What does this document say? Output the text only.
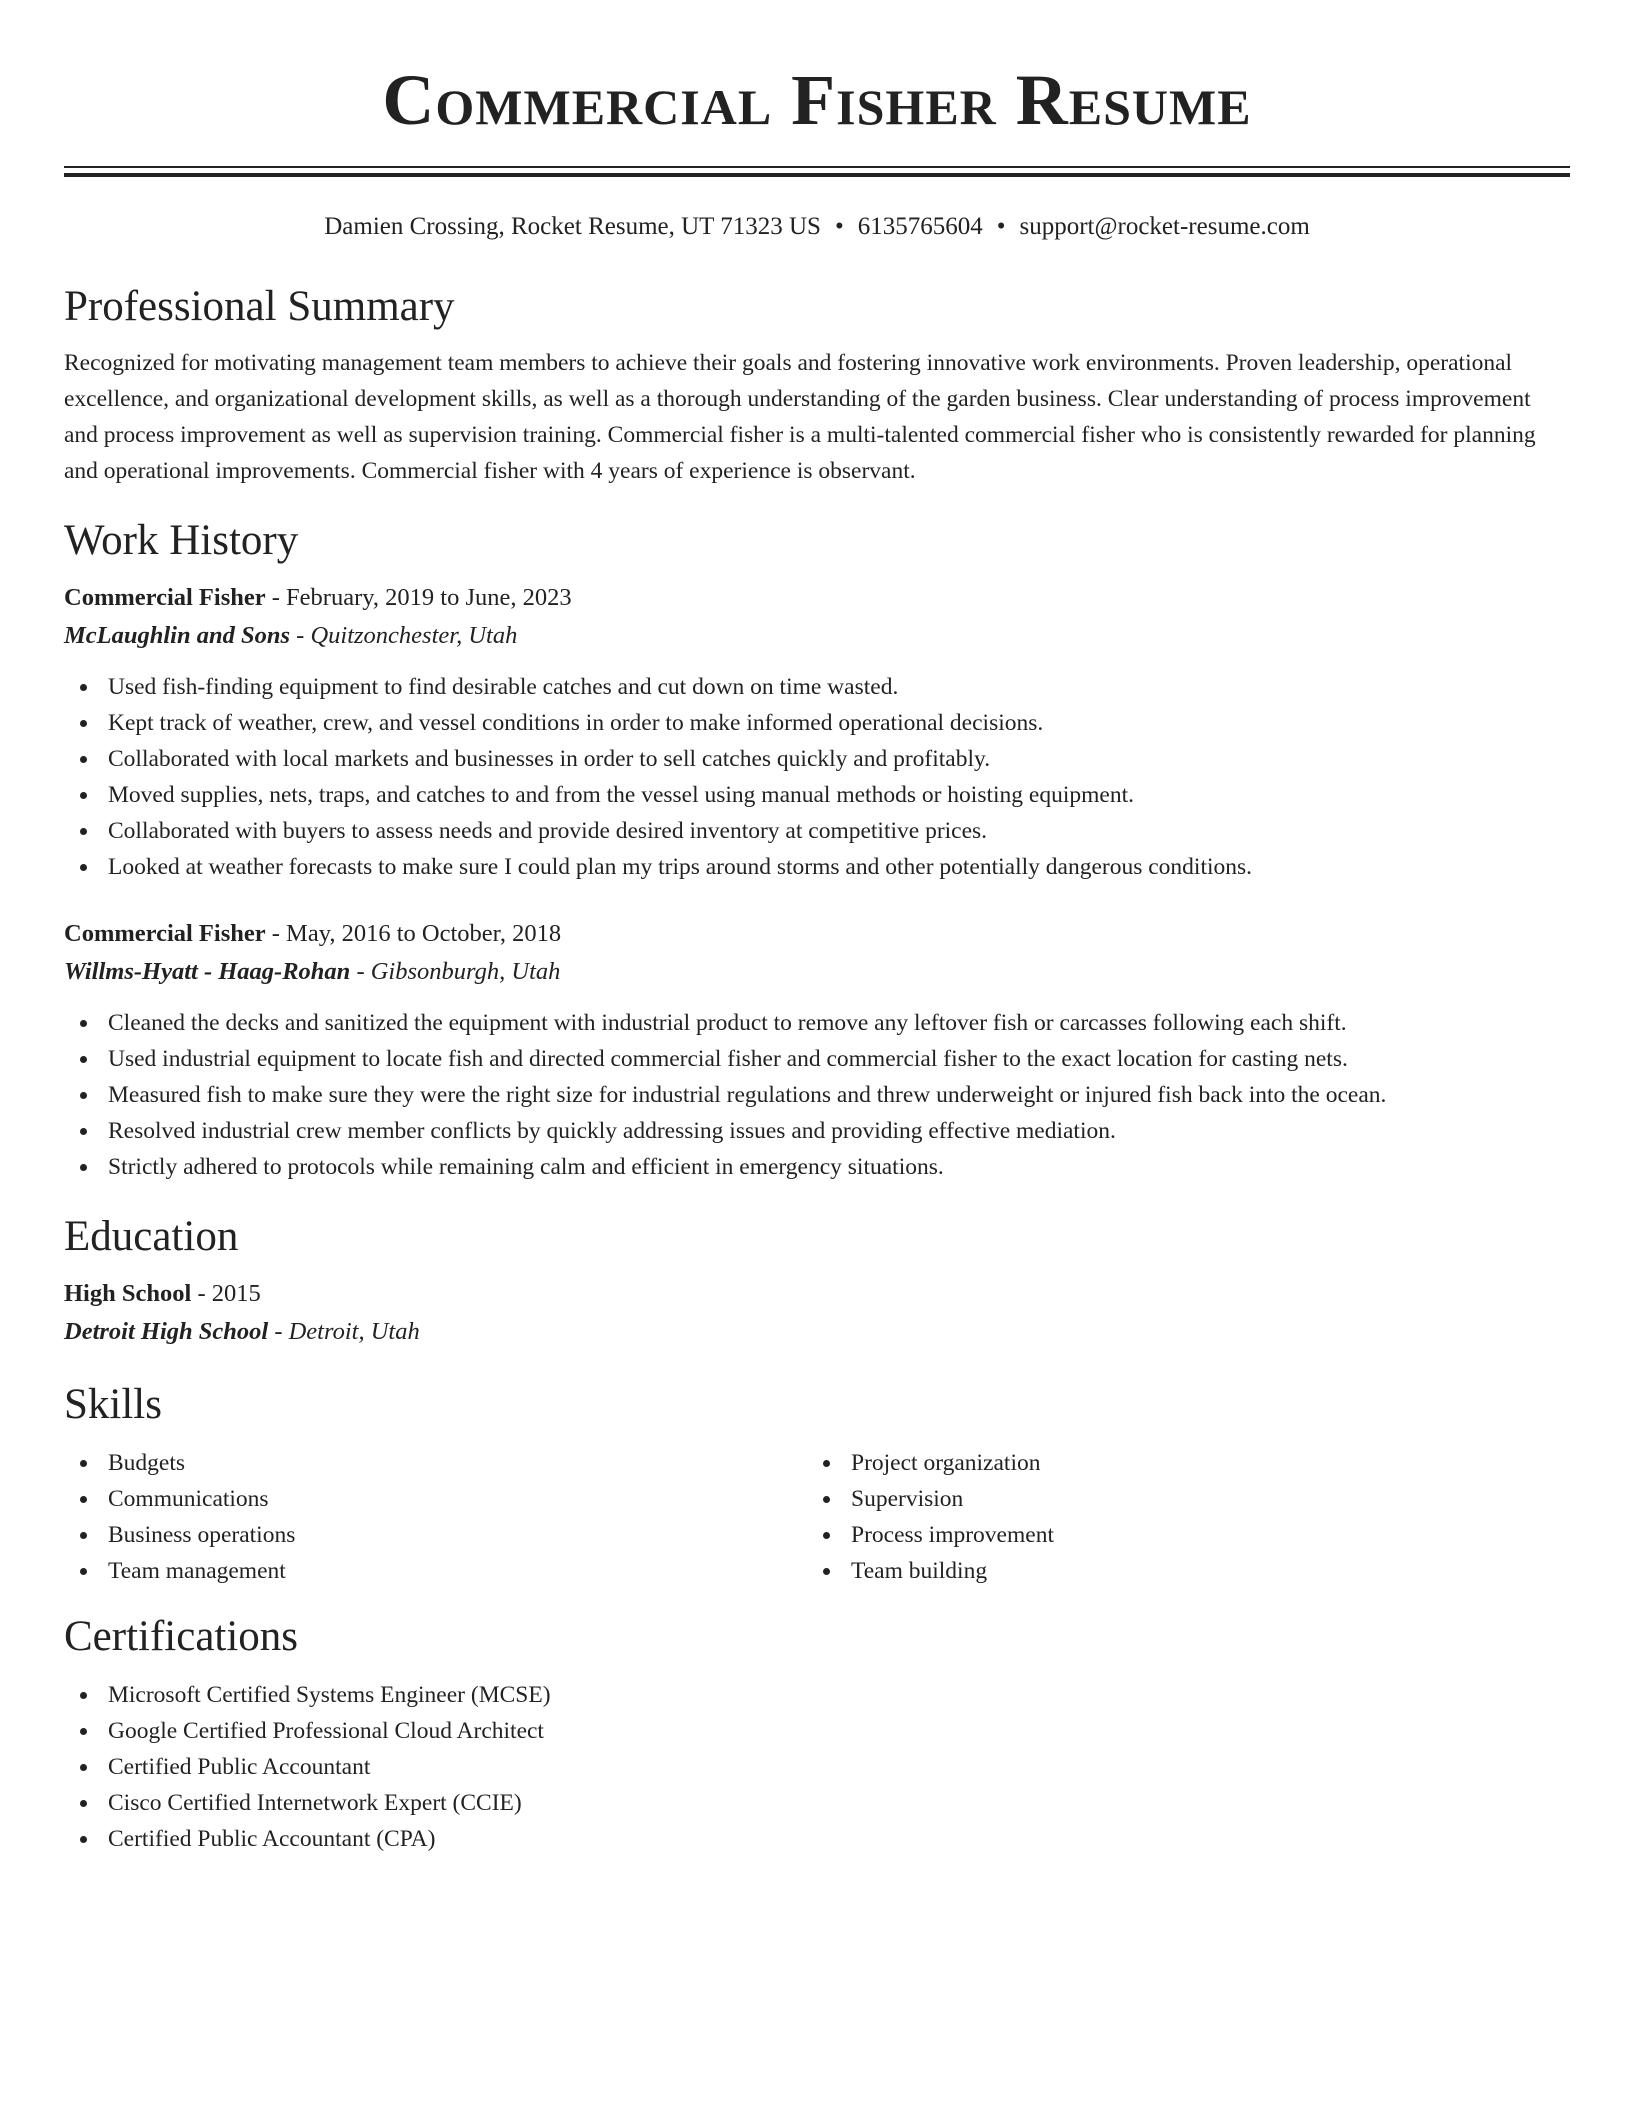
Commercial Fisher Resume
Damien Crossing, Rocket Resume, UT 71323 US • 6135765604 • support@rocket-resume.com
Professional Summary

Recognized for motivating management team members to achieve their goals and fostering innovative work environments. Proven leadership, operational excellence, and organizational development skills, as well as a thorough understanding of the garden business. Clear understanding of process improvement and process improvement as well as supervision training. Commercial fisher is a multi-talented commercial fisher who is consistently rewarded for planning and operational improvements. Commercial fisher with 4 years of experience is observant.

Work History

Commercial Fisher - February, 2019 to June, 2023

McLaughlin and Sons - Quitzonchester, Utah

Used fish-finding equipment to find desirable catches and cut down on time wasted.
Kept track of weather, crew, and vessel conditions in order to make informed operational decisions.
Collaborated with local markets and businesses in order to sell catches quickly and profitably.
Moved supplies, nets, traps, and catches to and from the vessel using manual methods or hoisting equipment.
Collaborated with buyers to assess needs and provide desired inventory at competitive prices.
Looked at weather forecasts to make sure I could plan my trips around storms and other potentially dangerous conditions.

Commercial Fisher - May, 2016 to October, 2018

Willms-Hyatt - Haag-Rohan - Gibsonburgh, Utah

Cleaned the decks and sanitized the equipment with industrial product to remove any leftover fish or carcasses following each shift.
Used industrial equipment to locate fish and directed commercial fisher and commercial fisher to the exact location for casting nets.
Measured fish to make sure they were the right size for industrial regulations and threw underweight or injured fish back into the ocean.
Resolved industrial crew member conflicts by quickly addressing issues and providing effective mediation.
Strictly adhered to protocols while remaining calm and efficient in emergency situations.
Education

High School - 2015

Detroit High School - Detroit, Utah

Skills
Budgets
Communications
Business operations
Team management
Project organization
Supervision
Process improvement
Team building
Certifications
Microsoft Certified Systems Engineer (MCSE)
Google Certified Professional Cloud Architect
Certified Public Accountant
Cisco Certified Internetwork Expert (CCIE)
Certified Public Accountant (CPA)
